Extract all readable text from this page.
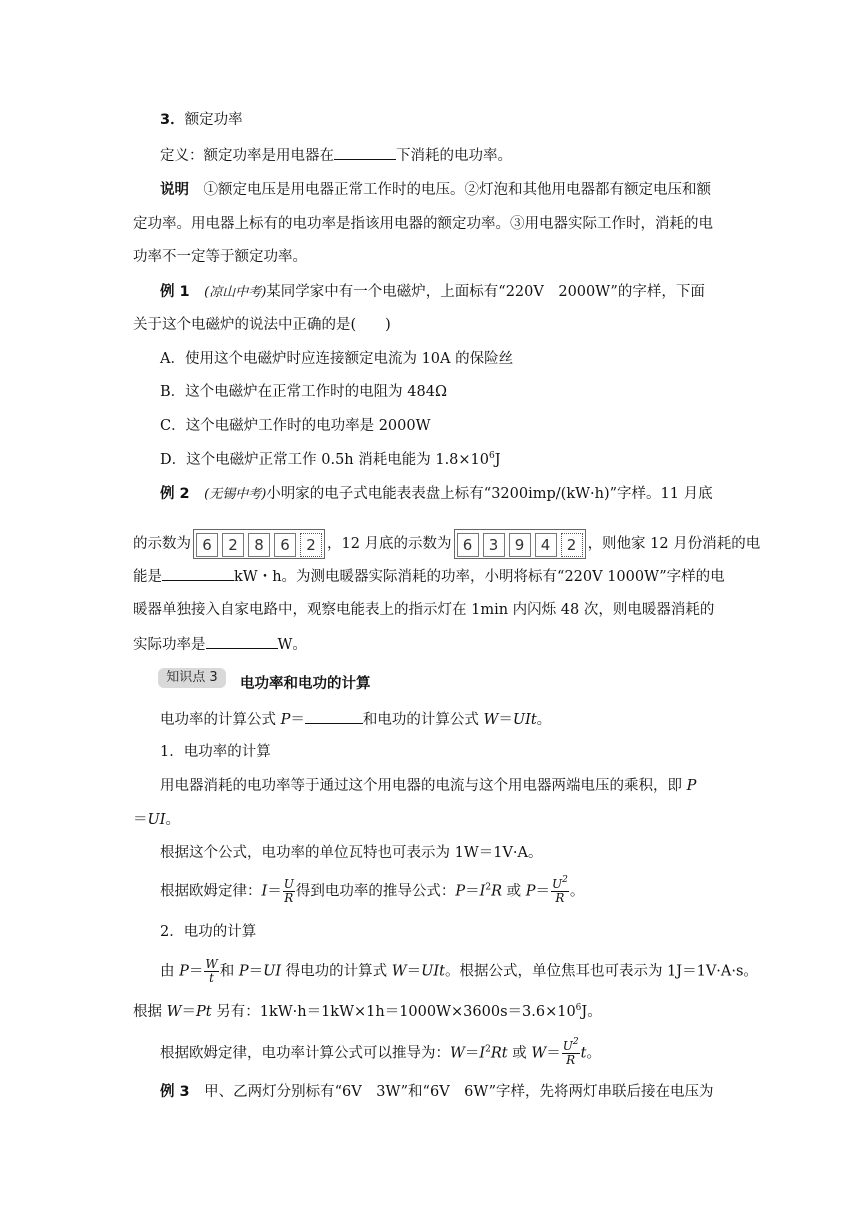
3．额定功率
定义：额定功率是用电器在	下消耗的电功率。
说明　 ①额定电压是用电器正常工作时的电压。②灯泡和其他用电器都有额定电压和额
定功率。用电器上标有的电功率是指该用电器的额定功率。③用电器实际工作时，消耗的电
功率不一定等于额定功率。
例 1　 (凉山中考)某同学家中有一个电磁炉，上面标有“220V　2000W”的字样，下面
关于这个电磁炉的说法中正确的是(　　)
A．使用这个电磁炉时应连接额定电流为 10A 的保险丝
B．这个电磁炉在正常工作时的电阻为 484Ω
C．这个电磁炉工作时的电功率是 2000W
D．这个电磁炉正常工作 0.5h 消耗电能为 $1.8\times 10^6J$
例 2　 (无锡中考)小明家的电子式电能表表盘上标有“3200imp/(kW·h)”字样。11 月底
的示数为 6 2 8 6 2 ，12 月底的示数为 6 3 9 4 2 ，则他家 12 月份消耗的电
能是	kW・h。为测电暖器实际消耗的功率，小明将标有“220V 1000W”字样的电
暖器单独接入自家电路中，观察电能表上的指示灯在 1min 内闪烁 48 次，则电暖器消耗的
实际功率是	W。
知识点 3	电功率和电功的计算
电功率的计算公式 P＝	和电功的计算公式 W＝UIt。
1．电功率的计算
用电器消耗的电功率等于通过这个用电器的电流与这个用电器两端电压的乘积，即 P
＝UI。
根据这个公式，电功率的单位瓦特也可表示为 1W＝1V·A。
根据欧姆定律：$I= \frac{U}{R}$ 得到电功率的推导公式：$P=I^2R$ 或 $P= \frac{U^2}{R}$ 。
2．电功的计算
由 $P= \frac{W}{t}$ 和 P＝UI 得电功的计算式 W＝UIt。根据公式，单位焦耳也可表示为 1J＝1V·A·s。
根据 W＝Pt 另有：$1kW\cdot h=1kW\times 1h=1000W\times 3600s=3.6\times 10^6J$。
根据欧姆定律，电功率计算公式可以推导为：$W=I^2Rt$ 或 $W= \frac{U^2}{R}$ t。
例 3　甲、乙两灯分别标有“6V　3W”和“6V　6W”字样，先将两灯串联后接在电压为
